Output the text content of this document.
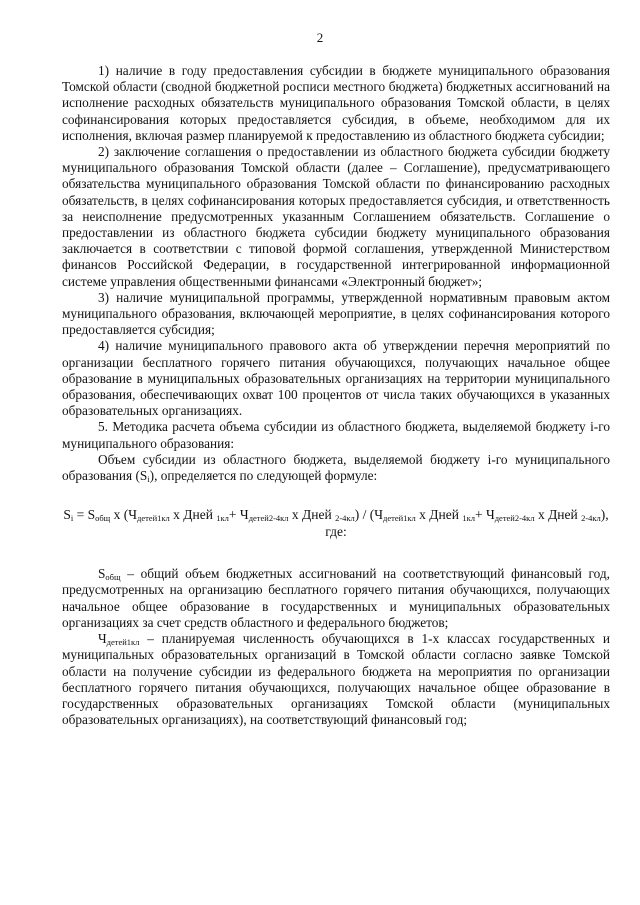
2

1) наличие в году предоставления субсидии в бюджете муниципального образования Томской области (сводной бюджетной росписи местного бюджета) бюджетных ассигнований на исполнение расходных обязательств муниципального образования Томской области, в целях софинансирования которых предоставляется субсидия, в объеме, необходимом для их исполнения, включая размер планируемой к предоставлению из областного бюджета субсидии;

2) заключение соглашения о предоставлении из областного бюджета субсидии бюджету муниципального образования Томской области (далее – Соглашение), предусматривающего обязательства муниципального образования Томской области по финансированию расходных обязательств, в целях софинансирования которых предоставляется субсидия, и ответственность за неисполнение предусмотренных указанным Соглашением обязательств. Соглашение о предоставлении из областного бюджета субсидии бюджету муниципального образования заключается в соответствии с типовой формой соглашения, утвержденной Министерством финансов Российской Федерации, в государственной интегрированной информационной системе управления общественными финансами «Электронный бюджет»;

3) наличие муниципальной программы, утвержденной нормативным правовым актом муниципального образования, включающей мероприятие, в целях софинансирования которого предоставляется субсидия;

4) наличие муниципального правового акта об утверждении перечня мероприятий по организации бесплатного горячего питания обучающихся, получающих начальное общее образование в муниципальных образовательных организациях на территории муниципального образования, обеспечивающих охват 100 процентов от числа таких обучающихся в указанных образовательных организациях.

5. Методика расчета объема субсидии из областного бюджета, выделяемой бюджету i-го муниципального образования:

Объем субсидии из областного бюджета, выделяемой бюджету i-го муниципального образования $(S_i)$, определяется по следующей формуле:

$S_i = S_{общ}$ x ($Ч_{детей1кл}$ x Дней $_{1кл}+ Ч_{детей2-4кл}$ x Дней $_{2-4кл}) / (Ч_{детей1кл}$ x Дней $_{1кл}+ Ч_{детей2-4кл}$ x Дней $_{2-4кл}$), где:

$S_{общ}$ – общий объем бюджетных ассигнований на соответствующий финансовый год, предусмотренных на организацию бесплатного горячего питания обучающихся, получающих начальное общее образование в государственных и муниципальных образовательных организациях за счет средств областного и федерального бюджетов;

$Ч_{детей1кл}$ – планируемая численность обучающихся в 1-х классах государственных и муниципальных образовательных организаций в Томской области согласно заявке Томской области на получение субсидии из федерального бюджета на мероприятия по организации бесплатного горячего питания обучающихся, получающих начальное общее образование в государственных образовательных организациях Томской области (муниципальных образовательных организациях), на соответствующий финансовый год;
